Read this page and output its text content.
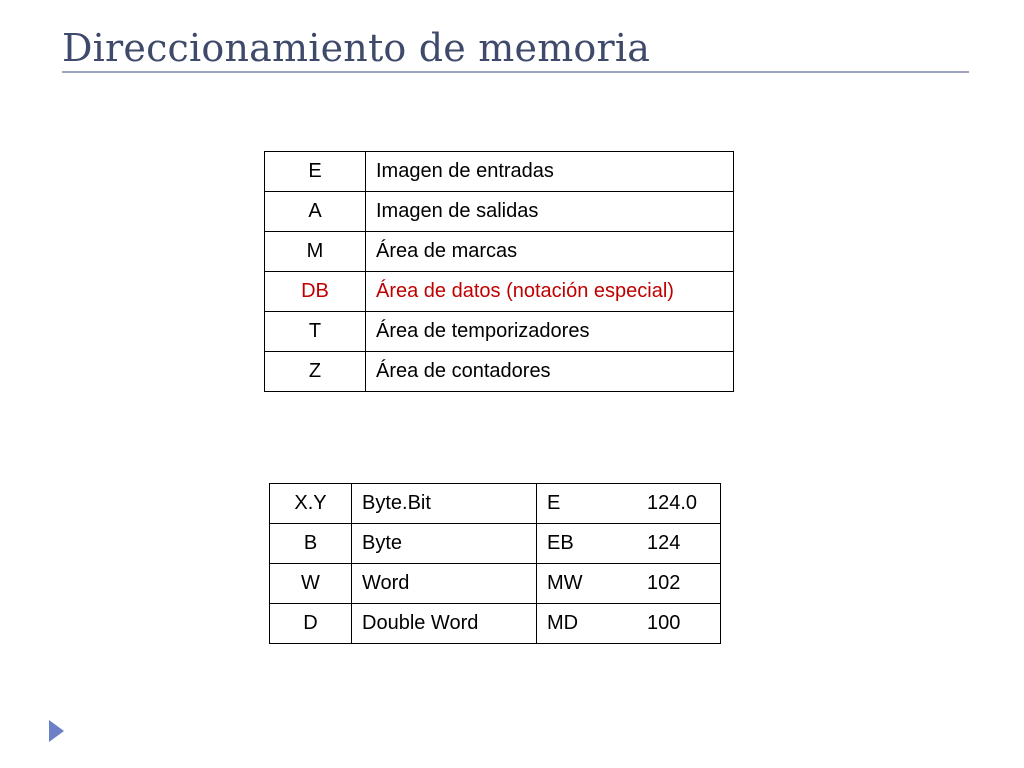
Direccionamiento de memoria
E	Imagen de entradas
A	Imagen de salidas
M	Área de marcas
DB	Área de datos (notación especial)
T	Área de temporizadores
Z	Área de contadores
X.Y	Byte.Bit	E 124.0
B	Byte	EB 124
W	Word	MW 102
D	Double Word	MD 100
